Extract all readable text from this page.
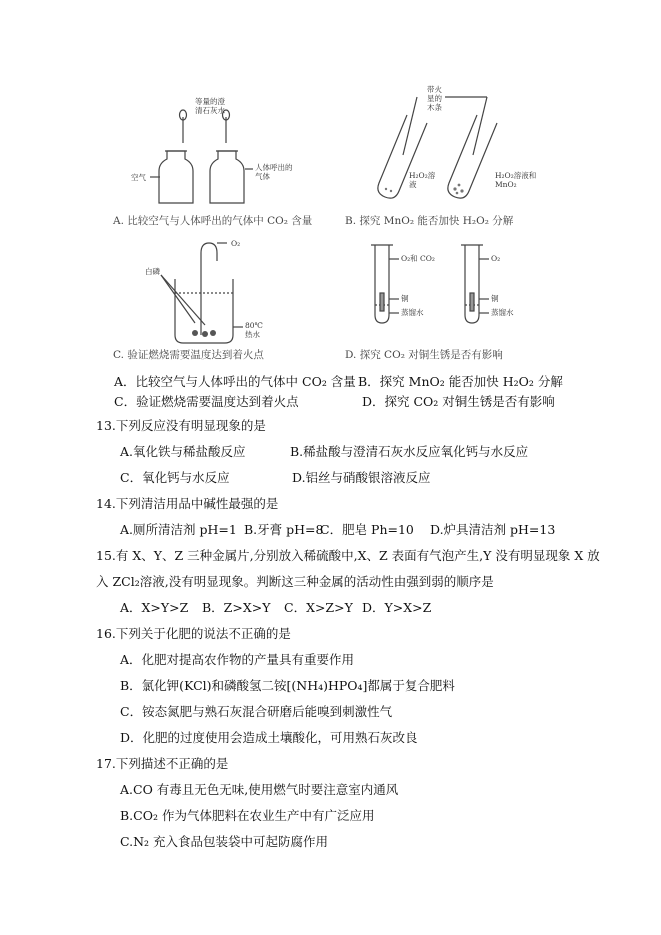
等量的澄清石灰水
空气
人体呼出的气体
A. 比较空气与人体呼出的气体中 CO₂ 含量
带火星的木条
H₂O₂溶液
H₂O₂溶液和 MnO₂
B. 探究 MnO₂ 能否加快 H₂O₂ 分解
O₂
白磷
80℃热水
C. 验证燃烧需要温度达到着火点
O₂和 CO₂	O₂
铜
蒸馏水
铜
蒸馏水
D. 探究 CO₂ 对铜生锈是否有影响
A．比较空气与人体呼出的气体中 CO₂ 含量 B．探究 MnO₂ 能否加快 H₂O₂ 分解
C．验证燃烧需要温度达到着火点	D．探究 CO₂ 对铜生锈是否有影响
13.下列反应没有明显现象的是
A.氧化铁与稀盐酸反应	B.稀盐酸与澄清石灰水反应氧化钙与水反应
C．氧化钙与水反应	D.铝丝与硝酸银溶液反应
14.下列清洁用品中碱性最强的是
A.厕所清洁剂 pH=1 B.牙膏 pH=8
C．肥皂 Ph=10 D.炉具清洁剂 pH=13
15.有 X、Y、Z 三种金属片,分别放入稀硫酸中,X、Z 表面有气泡产生,Y 没有明显现象 X 放
入 ZCl₂溶液,没有明显现象。判断这三种金属的活动性由强到弱的顺序是
A．X>Y>Z B．Z>X>Y C．X>Z>Y D．Y>X>Z
16.下列关于化肥的说法不正确的是
A．化肥对提高农作物的产量具有重要作用
B．氯化钾(KCl)和磷酸氢二铵[(NH₄)HPO₄]都属于复合肥料
C．铵态氮肥与熟石灰混合研磨后能嗅到刺激性气
D．化肥的过度使用会造成土壤酸化，可用熟石灰改良
17.下列描述不正确的是
A.CO 有毒且无色无味,使用燃气时要注意室内通风
B.CO₂ 作为气体肥料在农业生产中有广泛应用
C.N₂ 充入食品包装袋中可起防腐作用
